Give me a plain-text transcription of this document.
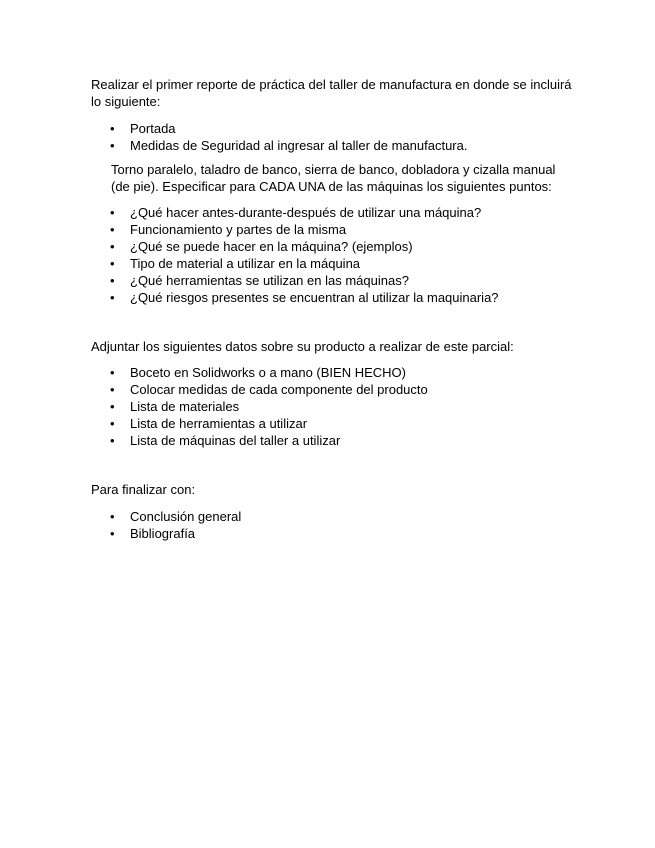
Realizar el primer reporte de práctica del taller de manufactura en donde se incluirá lo siguiente:

• Portada
• Medidas de Seguridad al ingresar al taller de manufactura.

Torno paralelo, taladro de banco, sierra de banco, dobladora y cizalla manual (de pie). Especificar para CADA UNA de las máquinas los siguientes puntos:

• ¿Qué hacer antes-durante-después de utilizar una máquina?
• Funcionamiento y partes de la misma
• ¿Qué se puede hacer en la máquina? (ejemplos)
• Tipo de material a utilizar en la máquina
• ¿Qué herramientas se utilizan en las máquinas?
• ¿Qué riesgos presentes se encuentran al utilizar la maquinaria?

Adjuntar los siguientes datos sobre su producto a realizar de este parcial:

• Boceto en Solidworks o a mano (BIEN HECHO)
• Colocar medidas de cada componente del producto
• Lista de materiales
• Lista de herramientas a utilizar
• Lista de máquinas del taller a utilizar

Para finalizar con:

• Conclusión general
• Bibliografía
